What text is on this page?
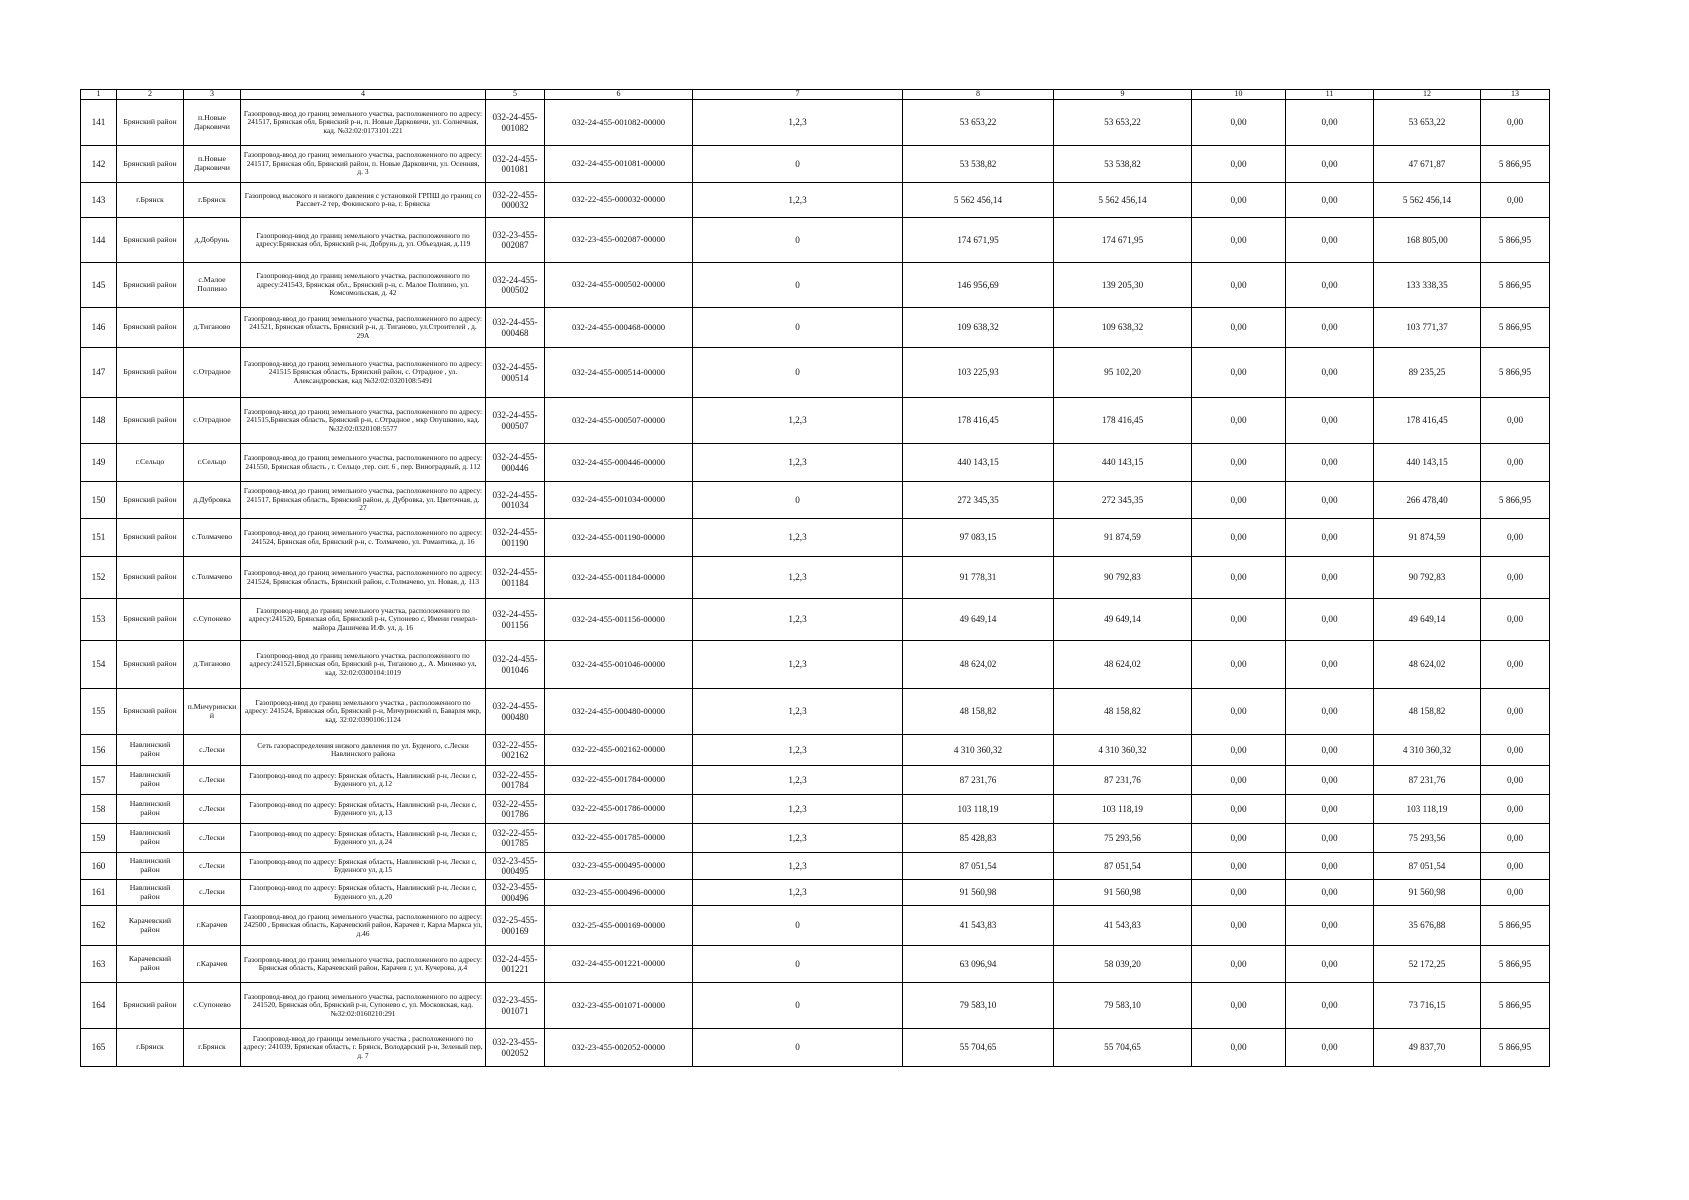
1	2	3	4	5	6	7	8	9	10	11	12	13
141	Брянский район	п.Новые Дарковичи	Газопровод-ввод до границ земельного участка, расположенного по адресу: 241517, Брянская обл, Брянский р-н, п. Новые Дарковичи, ул. Солнечная, кад. №32:02:0173101:221	032-24-455-001082	032-24-455-001082-00000	1,2,3	53 653,22	53 653,22	0,00	0,00	53 653,22	0,00
142	Брянский район	п.Новые Дарковичи	Газопровод-ввод до границ земельного участка, расположенного по адресу: 241517, Брянская обл, Брянский район, п. Новые Дарковичи, ул. Осенняя, д. 3	032-24-455-001081	032-24-455-001081-00000	0	53 538,82	53 538,82	0,00	0,00	47 671,87	5 866,95
143	г.Брянск	г.Брянск	Газопровод высокого и низкого давления с установкой ГРПШ до границ со Рассвет-2 тер, Фокинского р-на, г. Брянска	032-22-455-000032	032-22-455-000032-00000	1,2,3	5 562 456,14	5 562 456,14	0,00	0,00	5 562 456,14	0,00
144	Брянский район	д.Добрунь	Газопровод-ввод до границ земельного участка, расположенного по адресу:Брянская обл, Брянский р-н, Добрунь д, ул. Объездная, д.119	032-23-455-002087	032-23-455-002087-00000	0	174 671,95	174 671,95	0,00	0,00	168 805,00	5 866,95
145	Брянский район	с.Малое Полпино	Газопровод-ввод до границ земельного участка, расположенного по адресу:241543, Брянская обл., Брянский р-н, с. Малое Полпино, ул. Комсомольская, д. 42	032-24-455-000502	032-24-455-000502-00000	0	146 956,69	139 205,30	0,00	0,00	133 338,35	5 866,95
146	Брянский район	д.Тиганово	Газопровод-ввод до границ земельного участка, расположенного по адресу: 241521, Брянская область, Брянский р-н, д. Тиганово, ул.Строителей , д. 29А	032-24-455-000468	032-24-455-000468-00000	0	109 638,32	109 638,32	0,00	0,00	103 771,37	5 866,95
147	Брянский район	с.Отрадное	Газопровод-ввод до границ земельного участка, расположенного по адресу: 241515 Брянская область, Брянский район, с. Отрадное , ул. Александровская, кад №32:02:0320108:5491	032-24-455-000514	032-24-455-000514-00000	0	103 225,93	95 102,20	0,00	0,00	89 235,25	5 866,95
148	Брянский район	с.Отрадное	Газопровод-ввод до границ земельного участка, расположенного по адресу: 241515,Брянская область, Брянский р-н, с.Отрадное , мкр Опушкино, кад. №32:02:0320108:5577	032-24-455-000507	032-24-455-000507-00000	1,2,3	178 416,45	178 416,45	0,00	0,00	178 416,45	0,00
149	г.Сельцо	г.Сельцо	Газопровод-ввод до границ земельного участка, расположенного по адресу: 241550, Брянская область , г. Сельцо ,тер. снт. 6 , пер. Виноградный, д. 112	032-24-455-000446	032-24-455-000446-00000	1,2,3	440 143,15	440 143,15	0,00	0,00	440 143,15	0,00
150	Брянский район	д.Дубровка	Газопровод-ввод до границ земельного участка, расположенного по адресу: 241517, Брянская область, Брянский район, д. Дубровка, ул. Цветочная, д. 27	032-24-455-001034	032-24-455-001034-00000	0	272 345,35	272 345,35	0,00	0,00	266 478,40	5 866,95
151	Брянский район	с.Толмачево	Газопровод-ввод до границ земельного участка, расположенного по адресу: 241524, Брянская обл, Брянский р-н, с. Толмачево, ул. Романтика, д. 16	032-24-455-001190	032-24-455-001190-00000	1,2,3	97 083,15	91 874,59	0,00	0,00	91 874,59	0,00
152	Брянский район	с.Толмачево	Газопровод-ввод до границ земельного участка, расположенного по адресу: 241524, Брянская область, Брянский район, с.Толмачево, ул. Новая, д. 113	032-24-455-001184	032-24-455-001184-00000	1,2,3	91 778,31	90 792,83	0,00	0,00	90 792,83	0,00
153	Брянский район	с.Супонево	Газопровод-ввод до границ земельного участка, расположенного по адресу:241520, Брянская обл, Брянский р-н, Супонево с, Имени генерал-майора Дашичева И.Ф. ул, д. 16	032-24-455-001156	032-24-455-001156-00000	1,2,3	49 649,14	49 649,14	0,00	0,00	49 649,14	0,00
154	Брянский район	д.Тиганово	Газопровод-ввод до границ земельного участка, расположенного по адресу:241521,Брянская обл, Брянский р-н, Тиганово д., А. Миненко ул, кад. 32:02:0300104:1019	032-24-455-001046	032-24-455-001046-00000	1,2,3	48 624,02	48 624,02	0,00	0,00	48 624,02	0,00
155	Брянский район	п.Мичуринский	Газопровод-ввод до границ земельного участка , расположенного по адресу: 241524, Брянская обл, Брянский р-н, Мичуринский п, Баварля мкр, кад. 32:02:0390106:1124	032-24-455-000480	032-24-455-000480-00000	1,2,3	48 158,82	48 158,82	0,00	0,00	48 158,82	0,00
156	Навлинский район	с.Лески	Сеть газораспределения низкого давления по ул. Буденого, с.Лески Навлинского района	032-22-455-002162	032-22-455-002162-00000	1,2,3	4 310 360,32	4 310 360,32	0,00	0,00	4 310 360,32	0,00
157	Навлинский район	с.Лески	Газопровод-ввод по адресу: Брянская область, Навлинский р-н, Лески с, Буденного ул, д.12	032-22-455-001784	032-22-455-001784-00000	1,2,3	87 231,76	87 231,76	0,00	0,00	87 231,76	0,00
158	Навлинский район	с.Лески	Газопровод-ввод по адресу: Брянская область, Навлинский р-н, Лески с, Буденного ул, д.13	032-22-455-001786	032-22-455-001786-00000	1,2,3	103 118,19	103 118,19	0,00	0,00	103 118,19	0,00
159	Навлинский район	с.Лески	Газопровод-ввод по адресу: Брянская область, Навлинский р-н, Лески с, Буденного ул, д.24	032-22-455-001785	032-22-455-001785-00000	1,2,3	85 428,83	75 293,56	0,00	0,00	75 293,56	0,00
160	Навлинский район	с.Лески	Газопровод-ввод по адресу: Брянская область, Навлинский р-н, Лески с, Буденного ул, д.15	032-23-455-000495	032-23-455-000495-00000	1,2,3	87 051,54	87 051,54	0,00	0,00	87 051,54	0,00
161	Навлинский район	с.Лески	Газопровод-ввод по адресу: Брянская область, Навлинский р-н, Лески с, Буденного ул, д.20	032-23-455-000496	032-23-455-000496-00000	1,2,3	91 560,98	91 560,98	0,00	0,00	91 560,98	0,00
162	Карачевский район	г.Карачев	Газопровод-ввод до границ земельного участка, расположенного по адресу: 242500 , Брянская область, Карачевский район, Карачев г, Карла Маркса ул, д.46	032-25-455-000169	032-25-455-000169-00000	0	41 543,83	41 543,83	0,00	0,00	35 676,88	5 866,95
163	Карачевский район	г.Карачев	Газопровод-ввод до границ земельного участка, расположенного по адресу: Брянская область, Карачевский район, Карачев г, ул. Кучерова, д.4	032-24-455-001221	032-24-455-001221-00000	0	63 096,94	58 039,20	0,00	0,00	52 172,25	5 866,95
164	Брянский район	с.Супонево	Газопровод-ввод до границ земельного участка, расположенного по адресу: 241520, Брянская обл, Брянский р-н, Супонево с, ул. Московская, кад. №32:02:0160210:291	032-23-455-001071	032-23-455-001071-00000	0	79 583,10	79 583,10	0,00	0,00	73 716,15	5 866,95
165	г.Брянск	г.Брянск	Газопровод-ввод до границы земельного участка , расположенного по адресу: 241039, Брянская область, г. Брянск, Володарский р-н, Зеленый пер, д. 7	032-23-455-002052	032-23-455-002052-00000	0	55 704,65	55 704,65	0,00	0,00	49 837,70	5 866,95
